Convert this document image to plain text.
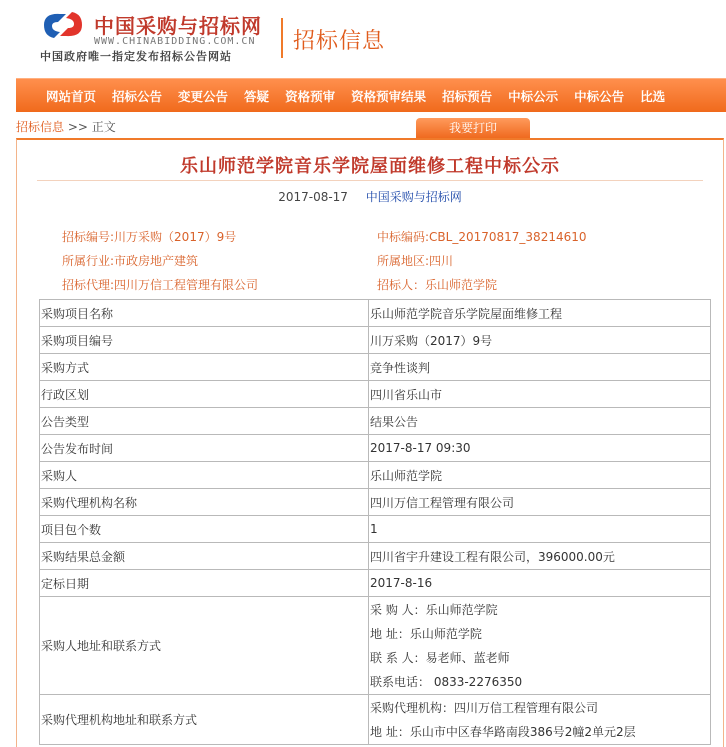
中国采购与招标网
WWW.CHINABIDDING.COM.CN
中国政府唯一指定发布招标公告网站
招标信息
网站首页 招标公告 变更公告 答疑 资格预审 资格预审结果 招标预告 中标公示 中标公告 比选
招标信息 >> 正文	我要打印
乐山师范学院音乐学院屋面维修工程中标公示
2017-08-17 中国采购与招标网
招标编号:川万采购（2017）9号	中标编码:CBL_20170817_38214610
所属行业:市政房地产建筑	所属地区:四川
招标代理:四川万信工程管理有限公司	招标人：乐山师范学院
采购项目名称	乐山师范学院音乐学院屋面维修工程
采购项目编号	川万采购（2017）9号
采购方式	竞争性谈判
行政区划	四川省乐山市
公告类型	结果公告
公告发布时间	2017-8-17 09:30
采购人	乐山师范学院
采购代理机构名称	四川万信工程管理有限公司
项目包个数	1
采购结果总金额	四川省宇升建设工程有限公司，396000.00元
定标日期	2017-8-16
采购人地址和联系方式	采 购 人：乐山师范学院
地 址：乐山师范学院
联 系 人：易老师、蓝老师
联系电话： 0833-2276350

采购代理机构地址和联系方式	采购代理机构：四川万信工程管理有限公司
地 址：乐山市中区春华路南段386号2幢2单元2层
